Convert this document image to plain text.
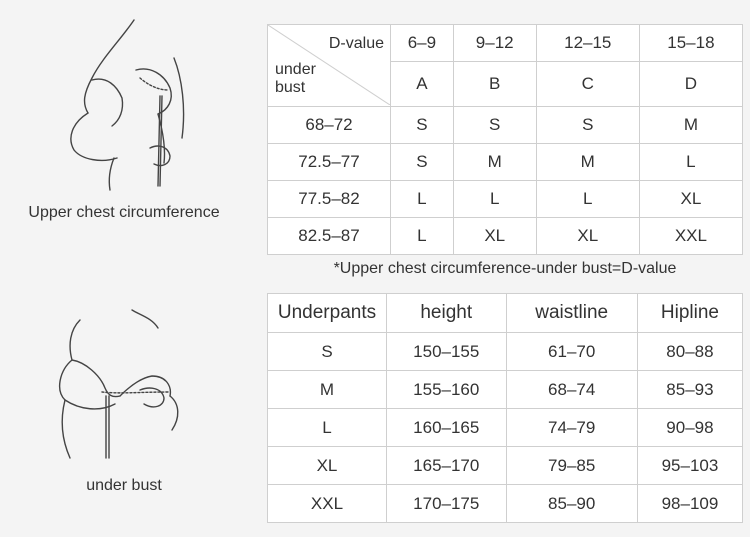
Upper chest circumference
under bust
D-value
under
bust	6–9	9–12	12–15	15–18
	A	B	C	D
68–72	S	S	S	M
72.5–77	S	M	M	L
77.5–82	L	L	L	XL
82.5–87	L	XL	XL	XXL
*Upper chest circumference-under bust=D-value
Underpants	height	waistline	Hipline
S	150–155	61–70	80–88
M	155–160	68–74	85–93
L	160–165	74–79	90–98
XL	165–170	79–85	95–103
XXL	170–175	85–90	98–109
